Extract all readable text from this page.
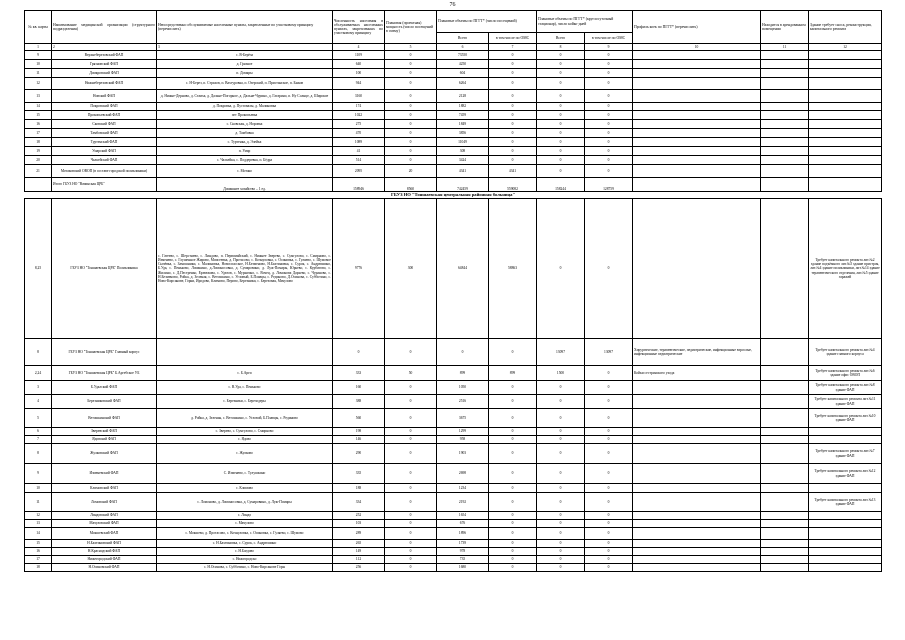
76
№ кв. карты	Наименование медицинской организации (структурного подразделения)	Непосредственно обслуживаемые населенные пункты, закрепленные по участковому принципу (перечислить)	Численность населения в обслуживаемых населенных пунктах, закрепленных по участковому принципу	Плановая (проектная) мощность (число посещений в смену)	Плановые объемы по ПГГТ* (число посещений)		Плановые объемы по ПГГТ* (круглосуточный стационар), число койко-дней		Профиль коек по ПГГТ* (перечислить)	Находится в арендованном помещении	Здание требует сноса, реконструкции, капитального ремонта
					Всего	в том числе по ОМС	Всего	в том числе по ОМС			
1	2	3	4	5	6	7	8	9	10	11	12
9	Верхнеберезовский ФАП	с. В-Берёза	1109	0	73550	0	0	0			
10	Грязновский ФАП	д. Грязное	640	0	4250	0	0	0			
11	Домкровский ФАП	п. Домкры	100	0	604	0	0	0			
12	Нижнеберезовский ФАП	с. Н-Берез, п. Страхов, п. Вахтуровка, п. Озерский, п. Пристанское, п. Быков	944	0	6264	0	0	0			
13	Новский ФАП	д. Нижне-Дерново, д. Стаиха, д. Дальне-Погорное, д. Дальне-Чурино, д. Гагарино, п. Ну Солнце, д. Широкое	3160	0	2128	0	0	0			
14	Покровский ФАП	д. Покровка, д. Пустовалы, д. Малиновка	174	0	1882	0	0	0			
15	Прокопьевский ФАП	пгт Прокопьевка	1022	0	7459	0	0	0			
16	Сковский ФАП	с. Сковская, д. Норовка	275	0	1849	0	0	0			
17	Тамбовский ФАП	д. Тамбовка	470	0	3856	0	0	0			
18	Туртенский ФАП	с. Туртенка, д. Элейка	1089	0	11049	0	0	0			
19	Умарский ФАП	п. Умар	41	0	308	0	0	0			
20	Чалкейский ФАП	с. Чалкейка, с. Поддеревка, п. Бёдра	514	0	3424	0	0	0			
21	Мотаковский ОВОП (в составе городской поликлиники)	с. Мотако	2095	20	4341	4341	0	0			
	Итого ГБУЗ НО "Вачинская ЦРБ"	Домашнее хозяйство – 1 ед.	158946	8560	742459	559082	158244	128759			
ГБУЗ НО "Тоншаевская центральная районная больница"											
8,25	ГБУЗ НО "Тоншаевская ЦРБ" Поликлиника	с. Гатеево, с. Шерстнево, с. Линдово, п. Первомайский, с. Нижнее Зверево, с. Сумгулово, с. Смирново, с. Изменево, с. Глушенное Жирово, Моисеевка, д. Протасово, с. Кочнуловка, с. Осиновка, с. Гуляево, с. Шумовое Сычёвка, с. Замошники, с. Малиновка, Новоспасское, Н.Безменово, Н.Бахтиновка, с. Сурок, с. Андрюшино, Б.Уда, с. Пеньково, Ломакино, д.Ломоносовка, д. Сумаровино, д. Луж-Помары, Юрьево, с. Курбатово, с. Жилино, с. Д.Пестренко, Ерзвежова, с. Уделов, с. Мурыгино, с. Вочец, д. Ломонова Дарьево, с. Чураново, с. Н.Безменово, Ройка, д. Зеленая, с. Ветошкино, с. Угловый, Б.Плавцы, с. Рединово, Д.Осинова, с. Субботино, с. Ново-Кирсанове, Горки, Иродово, Климово, Перово, Березники, с. Березовая, Мачулово	9776	300	64844	58863	0	0			Требует капитального ремонта лит.№2 здание подъёмного лит.№5 здание пристроя, лит.№4 здание поликлиники, лит.№14 здание терапевтического отделения, лит.№5 здание гаражей
8	ГБУЗ НО "Тоншаевская ЦРБ" Главный корпус		0	0	0	0	13097	13097	Хирургические, терапевтические, педиатрические, инфекционные взрослые, инфекционные педиатрические		Требует капитального ремонта лит.№4 здание главного корпуса
2,24	ГБУЗ НО "Тоншаевская ЦРБ" Б.Аргебское УБ	с. Б.Арги	333	50	899	899	1500	0	Койки сестринского ухода		Требует капитального ремонта лит.№6 здание офис ОВОП
3	Б.Удалский ФАП	с. В.Уда, с. Пеньково	160	0	1050	0	0	0			Требует капитального ремонта лит.№8 здание ФАП
4	Березниковский ФАП	с. Березники, с. Березодеры	388	0	2516	0	0	0			Требует капитального ремонта лит.№11 здание ФАП
5	Ветошкинский ФАП	д. Ройка, д. Зеленая, с. Ветошкино, с. Угловой, Б.Плавцы, с. Рединово	560	0	3675	0	0	0			Требует капитального ремонта лит.№10 здание ФАП
6	Зверевский ФАП	с. Зверево, с. Сумгулово, с. Смирново	198	0	1299	0	0	0			
7	Ядовский ФАП	с. Ядово	146	0	958	0	0	0			
8	Жулковский ФАП	с. Жулково	290	0	1903	0	0	0			Требует капитального ремонта лит.№7 здание ФАП
9	Изменевский ФАП	С. Изменево, с. Тулушкино	335	0	2698	0	0	0			Требует капитального ремонта лит.№12 здание ФАП
10	Климовский ФАП	с. Климово	188	0	1234	0	0	0			
11	Ломовский ФАП	с. Ломоново, д. Ломоносовка, д. Сумаровино, д. Луж-Помары	334	0	2192	0	0	0			Требует капитального ремонта лит.№13 здание ФАП
12	Линдовский ФАП	с. Линдо	252	0	1654	0	0	0			
13	Мачуловский ФАП	с. Мачулово	103	0	676	0	0	0			
14	Мокшевский ФАП	с. Мокшево, д. Протасово, с. Кочнуловка, с. Осиновка, с. Гуляево, с. Шумово	289	0	1896	0	0	0			
15	Н.Бахтиновский ФАП	с. Н.Бахтиновка, с. Сурок, с. Андрюшино	265	0	1739	0	0	0			
16	Н.Краснодский ФАП	с. Н.Багдово	149	0	978	0	0	0			
17	Нижегородский ФАП	с. Нижгородско	112	0	735	0	0	0			
18	Н.Осиновский ФАП	с. Н.Осинова, с. Субботино, с. Ново-Кирсанове Горы	256	0	1680	0	0	0			
